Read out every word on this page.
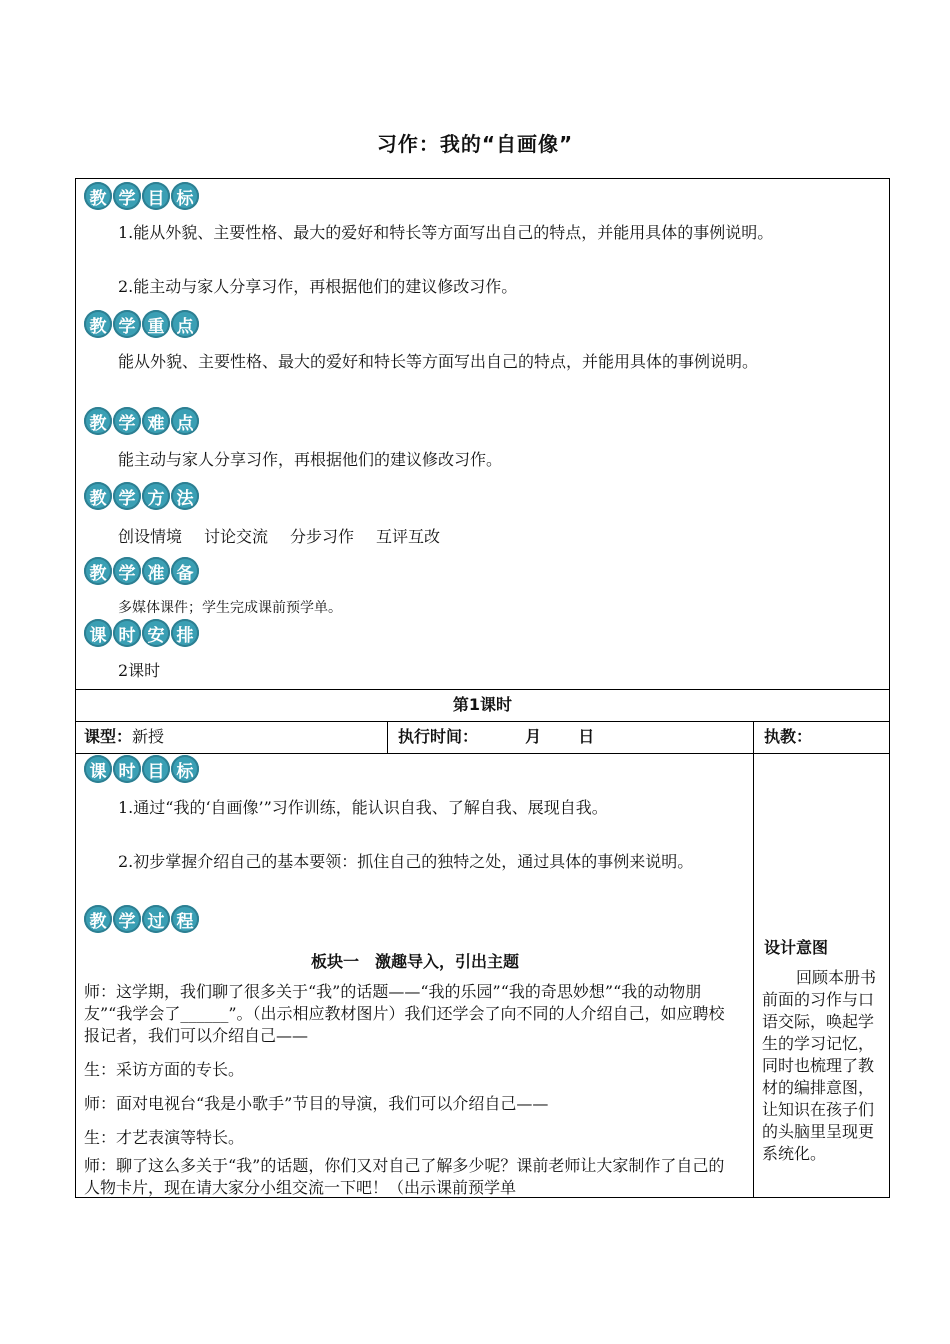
习作：我的“自画像”
教 学 目 标
1.能从外貌、主要性格、最大的爱好和特长等方面写出自己的特点，并能用具体的事例说明。
2.能主动与家人分享习作，再根据他们的建议修改习作。
教 学 重 点
能从外貌、主要性格、最大的爱好和特长等方面写出自己的特点，并能用具体的事例说明。
教 学 难 点
能主动与家人分享习作，再根据他们的建议修改习作。
教 学 方 法
创设情境 讨论交流 分步习作 互评互改
教 学 准 备
多媒体课件；学生完成课前预学单。
课 时 安 排
2课时
第1课时
课型：新授	执行时间：	月 日	执教：
课 时 目 标
1.通过“我的‘自画像’”习作训练，能认识自我、了解自我、展现自我。
2.初步掌握介绍自己的基本要领：抓住自己的独特之处，通过具体的事例来说明。
教 学 过 程
板块一　激趣导入，引出主题
师：这学期，我们聊了很多关于“我”的话题——“我的乐园”“我的奇思妙想”“我的动物朋友”“我学会了______”。（出示相应教材图片）我们还学会了向不同的人介绍自己，如应聘校报记者，我们可以介绍自己——
生：采访方面的专长。
师：面对电视台“我是小歌手”节目的导演，我们可以介绍自己——
生：才艺表演等特长。
师：聊了这么多关于“我”的话题，你们又对自己了解多少呢？课前老师让大家制作了自己的人物卡片，现在请大家分小组交流一下吧！（出示课前预学单
设计意图
回顾本册书前面的习作与口语交际，唤起学生的学习记忆，同时也梳理了教材的编排意图，让知识在孩子们的头脑里呈现更系统化。
